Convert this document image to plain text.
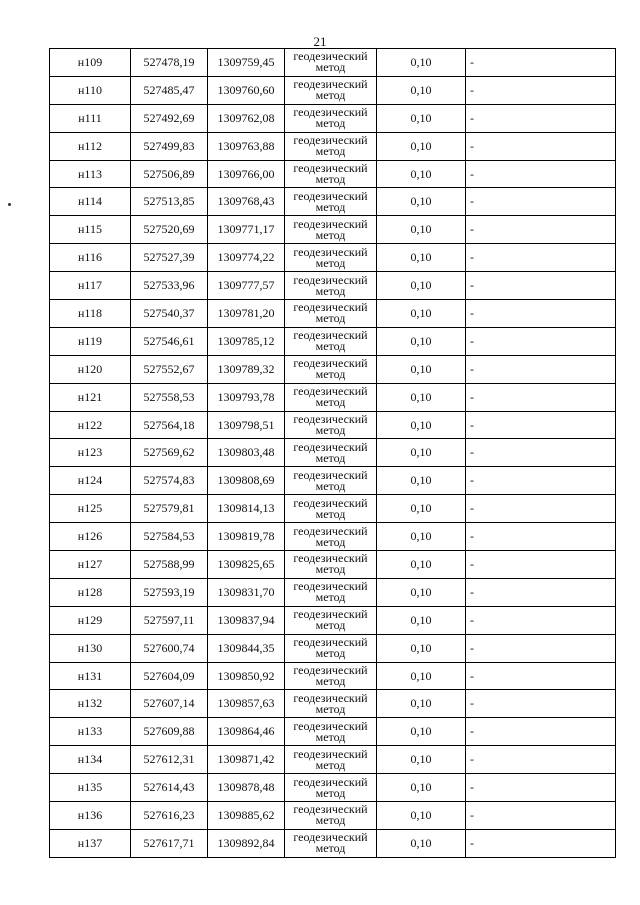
21
н109	527478,19	1309759,45	геодезический метод	0,10	-
н110	527485,47	1309760,60	геодезический метод	0,10	-
н111	527492,69	1309762,08	геодезический метод	0,10	-
н112	527499,83	1309763,88	геодезический метод	0,10	-
н113	527506,89	1309766,00	геодезический метод	0,10	-
н114	527513,85	1309768,43	геодезический метод	0,10	-
н115	527520,69	1309771,17	геодезический метод	0,10	-
н116	527527,39	1309774,22	геодезический метод	0,10	-
н117	527533,96	1309777,57	геодезический метод	0,10	-
н118	527540,37	1309781,20	геодезический метод	0,10	-
н119	527546,61	1309785,12	геодезический метод	0,10	-
н120	527552,67	1309789,32	геодезический метод	0,10	-
н121	527558,53	1309793,78	геодезический метод	0,10	-
н122	527564,18	1309798,51	геодезический метод	0,10	-
н123	527569,62	1309803,48	геодезический метод	0,10	-
н124	527574,83	1309808,69	геодезический метод	0,10	-
н125	527579,81	1309814,13	геодезический метод	0,10	-
н126	527584,53	1309819,78	геодезический метод	0,10	-
н127	527588,99	1309825,65	геодезический метод	0,10	-
н128	527593,19	1309831,70	геодезический метод	0,10	-
н129	527597,11	1309837,94	геодезический метод	0,10	-
н130	527600,74	1309844,35	геодезический метод	0,10	-
н131	527604,09	1309850,92	геодезический метод	0,10	-
н132	527607,14	1309857,63	геодезический метод	0,10	-
н133	527609,88	1309864,46	геодезический метод	0,10	-
н134	527612,31	1309871,42	геодезический метод	0,10	-
н135	527614,43	1309878,48	геодезический метод	0,10	-
н136	527616,23	1309885,62	геодезический метод	0,10	-
н137	527617,71	1309892,84	геодезический метод	0,10	-
